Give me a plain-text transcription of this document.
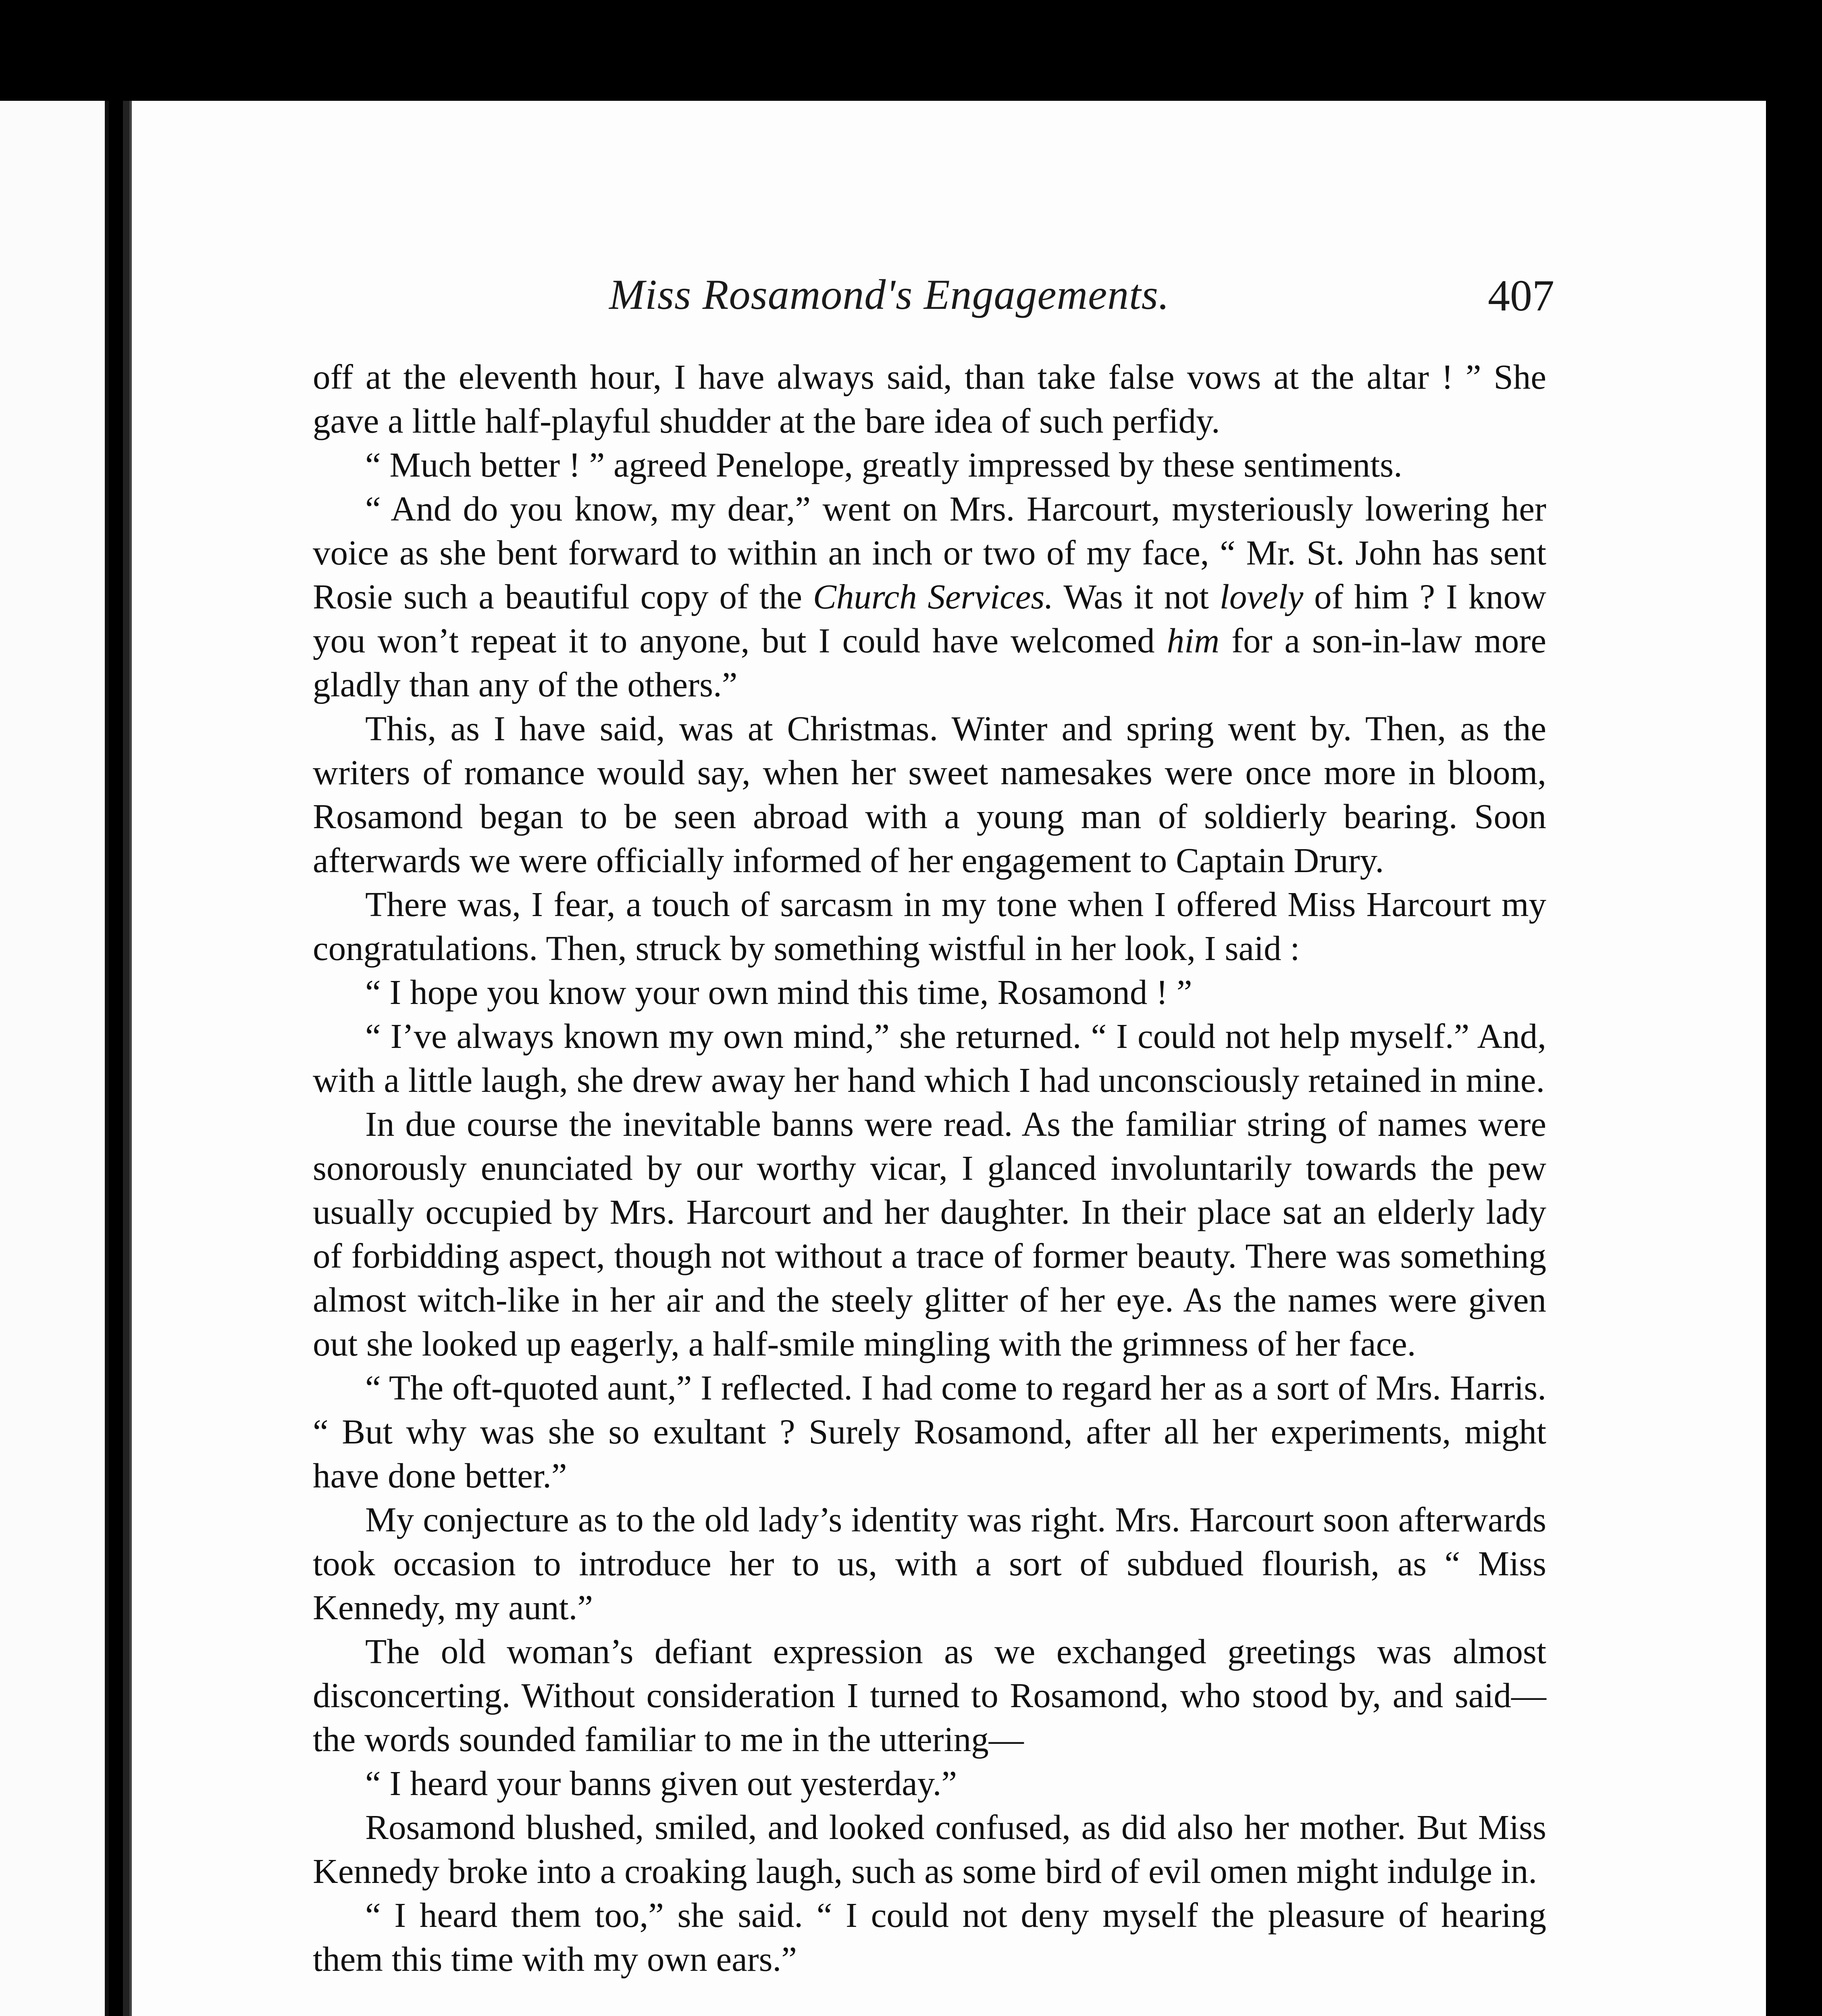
Miss Rosamond's Engagements.	407

off at the eleventh hour, I have always said, than take false vows at the altar ! ” She gave a little half-playful shudder at the bare idea of such perfidy.

“ Much better ! ” agreed Penelope, greatly impressed by these sentiments.

“ And do you know, my dear,” went on Mrs. Harcourt, mysteriously lowering her voice as she bent forward to within an inch or two of my face, “ Mr. St. John has sent Rosie such a beautiful copy of the Church Services. Was it not lovely of him ? I know you won’t repeat it to anyone, but I could have welcomed him for a son-in-law more gladly than any of the others.”

This, as I have said, was at Christmas. Winter and spring went by. Then, as the writers of romance would say, when her sweet namesakes were once more in bloom, Rosamond began to be seen abroad with a young man of soldierly bearing. Soon afterwards we were officially informed of her engagement to Captain Drury.

There was, I fear, a touch of sarcasm in my tone when I offered Miss Harcourt my congratulations. Then, struck by something wistful in her look, I said :

“ I hope you know your own mind this time, Rosamond ! ”

“ I’ve always known my own mind,” she returned. “ I could not help myself.” And, with a little laugh, she drew away her hand which I had unconsciously retained in mine.

In due course the inevitable banns were read. As the familiar string of names were sonorously enunciated by our worthy vicar, I glanced involuntarily towards the pew usually occupied by Mrs. Harcourt and her daughter. In their place sat an elderly lady of forbidding aspect, though not without a trace of former beauty. There was something almost witch-like in her air and the steely glitter of her eye. As the names were given out she looked up eagerly, a half-smile mingling with the grimness of her face.

“ The oft-quoted aunt,” I reflected. I had come to regard her as a sort of Mrs. Harris. “ But why was she so exultant ? Surely Rosamond, after all her experiments, might have done better.”

My conjecture as to the old lady’s identity was right. Mrs. Harcourt soon afterwards took occasion to introduce her to us, with a sort of subdued flourish, as “ Miss Kennedy, my aunt.”

The old woman’s defiant expression as we exchanged greetings was almost disconcerting. Without consideration I turned to Rosamond, who stood by, and said—the words sounded familiar to me in the uttering—

“ I heard your banns given out yesterday.”

Rosamond blushed, smiled, and looked confused, as did also her mother. But Miss Kennedy broke into a croaking laugh, such as some bird of evil omen might indulge in.

“ I heard them too,” she said. “ I could not deny myself the pleasure of hearing them this time with my own ears.”
